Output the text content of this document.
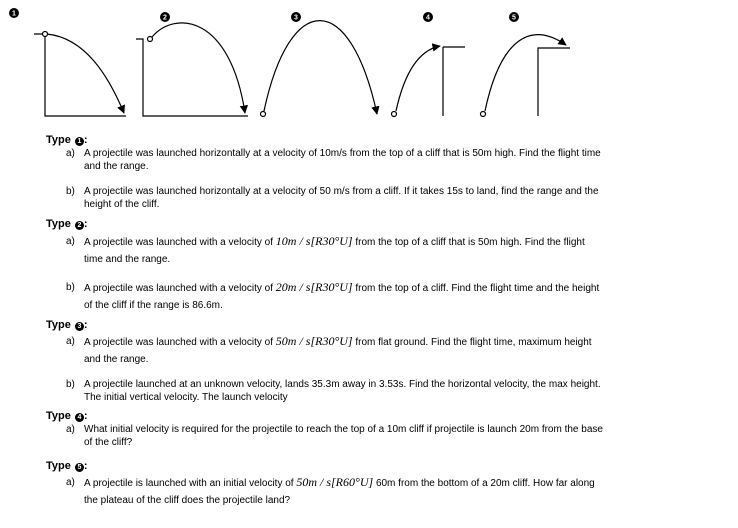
1
2	3	4	5
Type 1 :
a) A projectile was launched horizontally at a velocity of 10m/s from the top of a cliff that is 50m high. Find the flight time and the range.
b) A projectile was launched horizontally at a velocity of 50 m/s from a cliff. If it takes 15s to land, find the range and the height of the cliff.
Type 2 :
a) A projectile was launched with a velocity of 10m / s[R30°U] from the top of a cliff that is 50m high. Find the flight time and the range.
b) A projectile was launched with a velocity of 20m / s[R30°U] from the top of a cliff. Find the flight time and the height of the cliff if the range is 86.6m.
Type 3 :
a) A projectile was launched with a velocity of 50m / s[R30°U] from flat ground. Find the flight time, maximum height and the range.
b) A projectile launched at an unknown velocity, lands 35.3m away in 3.53s. Find the horizontal velocity, the max height. The initial vertical velocity. The launch velocity
Type 4 :
a) What initial velocity is required for the projectile to reach the top of a 10m cliff if projectile is launch 20m from the base of the cliff?
Type 5 :
a) A projectile is launched with an initial velocity of 50m / s[R60°U] 60m from the bottom of a 20m cliff. How far along the plateau of the cliff does the projectile land?
